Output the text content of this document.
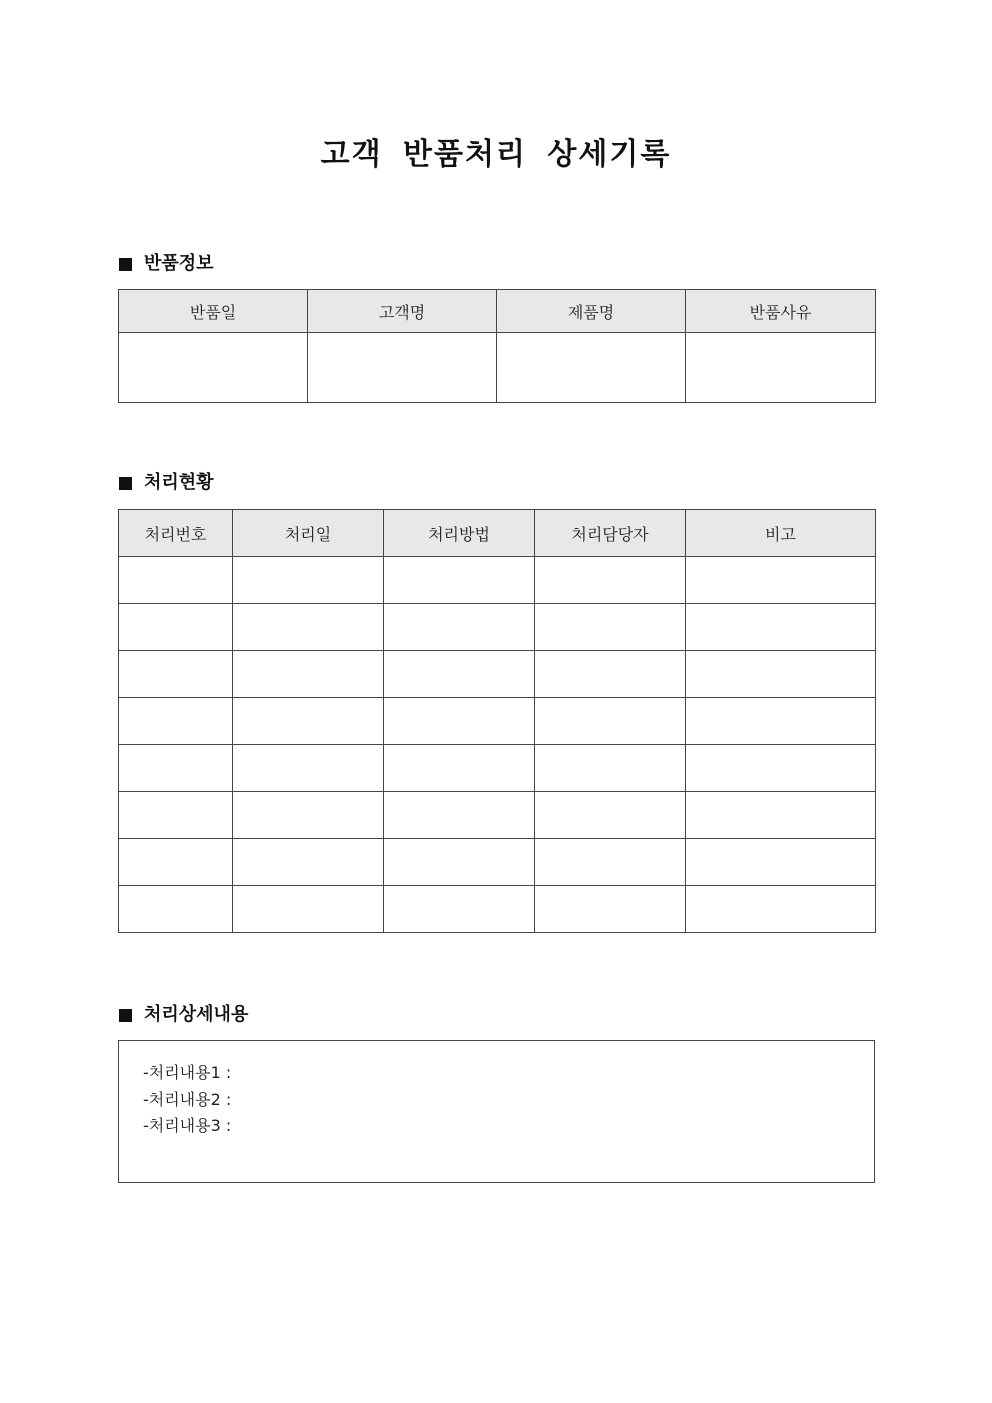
고객 반품처리 상세기록
반품정보
반품일	고객명	제품명	반품사유

처리현황
처리번호	처리일	처리방법	처리담당자	비고

처리상세내용
-처리내용1 :
-처리내용2 :
-처리내용3 :
